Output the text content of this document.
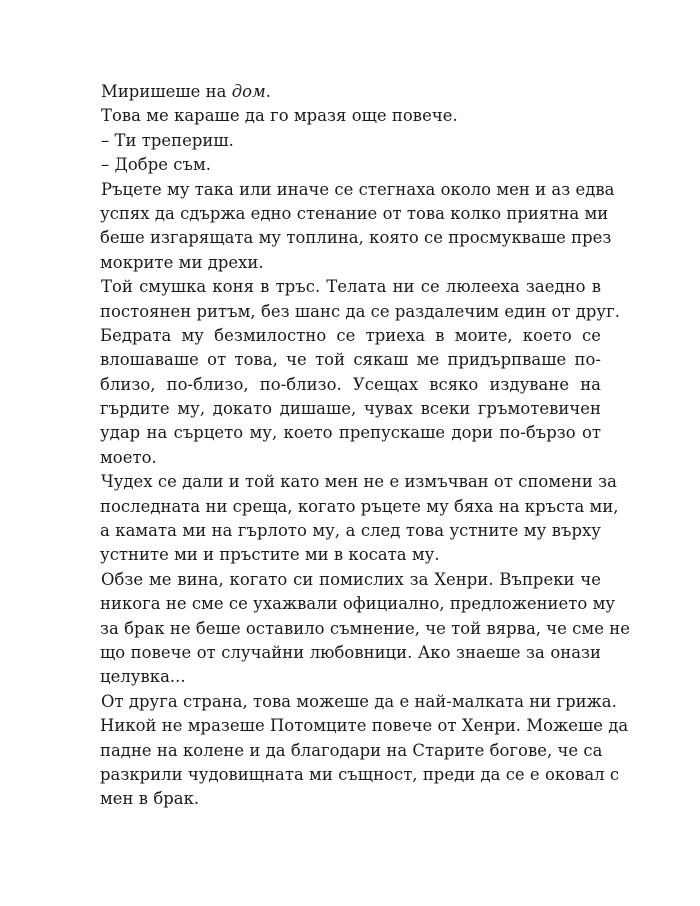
Миришеше на дом.
Това ме караше да го мразя още повече.
– Ти трепериш.
– Добре съм.
Ръцете му така или иначе се стегнаха около мен и аз едва
успях да сдържа едно стенание от това колко приятна ми
беше изгарящата му топлина, която се просмукваше през
мокрите ми дрехи.
Той смушка коня в тръс. Телата ни се люлееха заедно в
постоянен ритъм, без шанс да се раздалечим един от друг.
Бедрата му безмилостно се триеха в моите, което се
влошаваше от това, че той сякаш ме придърпваше по-
близо, по-близо, по-близо. Усещах всяко издуване на
гърдите му, докато дишаше, чувах всеки гръмотевичен
удар на сърцето му, което препускаше дори по-бързо от
моето.
Чудех се дали и той като мен не е измъчван от спомени за
последната ни среща, когато ръцете му бяха на кръста ми,
а камата ми на гърлото му, а след това устните му върху
устните ми и пръстите ми в косата му.
Обзе ме вина, когато си помислих за Хенри. Въпреки че
никога не сме се ухажвали официално, предложението му
за брак не беше оставило съмнение, че той вярва, че сме не
що повече от случайни любовници. Ако знаеше за онази
целувка...
От друга страна, това можеше да е най-малката ни грижа.
Никой не мразеше Потомците повече от Хенри. Можеше да
падне на колене и да благодари на Старите богове, че са
разкрили чудовищната ми същност, преди да се е оковал с
мен в брак.
